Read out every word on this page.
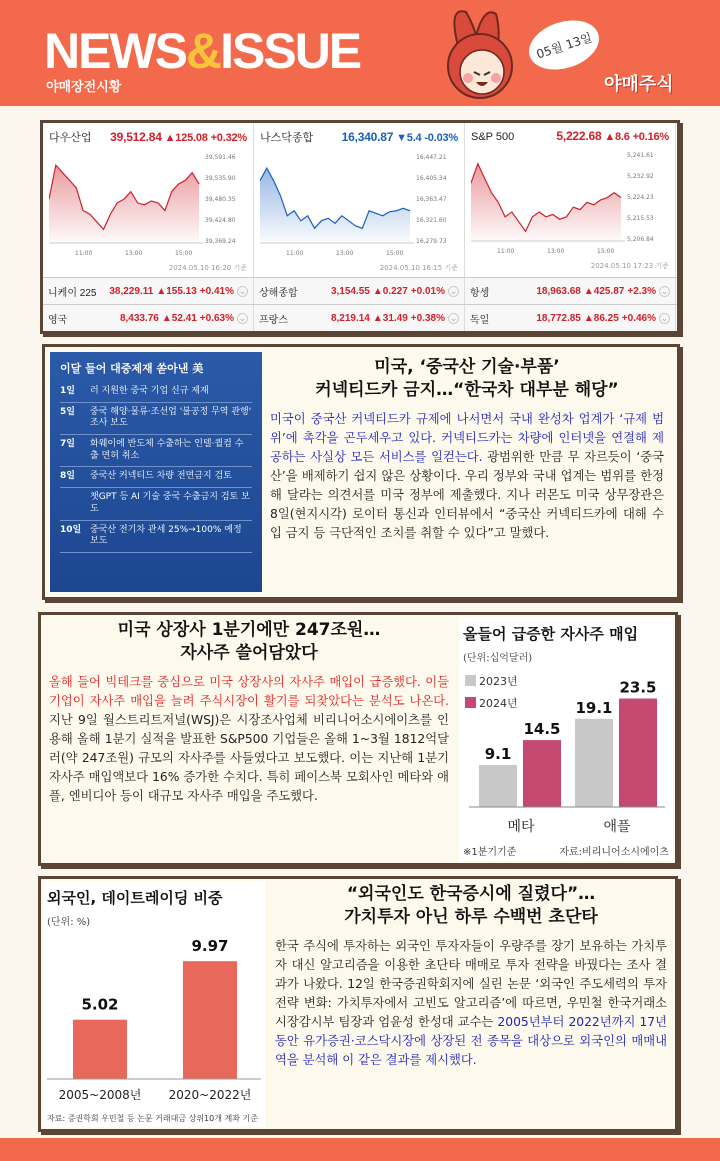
NEWS&ISSUE
야매장전시황
05월 13일
야매주식
다우산업 39,512.84 ▲125.08 +0.32%
39,591.46
39,535.90
39,480.35
39,424.80
39,369.24
11:00	13:00	15:00
2024.05.10 16:20 기준
나스닥종합 16,340.87 ▼5.4 -0.03%
16,447.21
16,405.34
16,363.47
16,321.60
16,279.73
11:00	13:00	15:00
2024.05.10 16:15 기준
S&P 500	5,222.68 ▲8.6 +0.16%
5,241.61
5,232.92
5,224.23
5,215.53
5,206.84
11:00	13:00	15:00
2024.05.10 17:23 기준
니케이 225	38,229.11 ▲155.13 +0.41% ⌄ 상해종합	3,154.55 ▲0.227 +0.01% ⌄ 항셍	18,963.68 ▲425.87 +2.3% ⌄
영국	8,433.76 ▲52.41 +0.63% ⌄ 프랑스	8,219.14 ▲31.49 +0.38% ⌄ 독일	18,772.85 ▲86.25 +0.46% ⌄
이달 들어 대중제재 쏟아낸 美
1일	러 지원한 중국 기업 신규 제재
5일	중국 해양·물류·조선업 '불공정 무역 관행' 조사 보도
7일	화웨이에 반도체 수출하는 인텔·퀄컴 수출 면허 취소
8일	중국산 커넥티드 차량 전면금지 검토
챗GPT 등 AI 기술 중국 수출금지 검토 보도
10일 중국산 전기차 관세 25%→100% 예정 보도
미국, ‘중국산 기술·부품’
커넥티드카 금지…“한국차 대부분 해당”
미국이 중국산 커넥티드카 규제에 나서면서 국내 완성차 업계가 ‘규제 범위’에 촉각을 곤두세우고 있다. 커넥티드카는 차량에 인터넷을 연결해 제공하는 사실상 모든 서비스를 일컫는다. 광범위한 만큼 무 자르듯이 ‘중국산’을 배제하기 쉽지 않은 상황이다. 우리 정부와 국내 업계는 범위를 한정해 달라는 의견서를 미국 정부에 제출했다. 지나 러몬도 미국 상무장관은 8일(현지시각) 로이터 통신과 인터뷰에서 “중국산 커넥티드카에 대해 수입 금지 등 극단적인 조치를 취할 수 있다”고 말했다.
미국 상장사 1분기에만 247조원…
자사주 쓸어담았다
올해 들어 빅테크를 중심으로 미국 상장사의 자사주 매입이 급증했다. 이들 기업이 자사주 매입을 늘려 주식시장이 활기를 되찾았다는 분석도 나온다. 지난 9일 월스트리트저널(WSJ)은 시장조사업체 비리니어소시에이츠를 인용해 올해 1분기 실적을 발표한 S&P500 기업들은 올해 1~3월 1812억달러(약 247조원) 규모의 자사주를 사들였다고 보도했다. 이는 지난해 1분기 자사주 매입액보다 16% 증가한 수치다. 특히 페이스북 모회사인 메타와 애플, 엔비디아 등이 대규모 자사주 매입을 주도했다.
올들어 급증한 자사주 매입
(단위:십억달러)
2023년
2024년
9.1
14.5
메타
19.1
23.5
애플
※1분기기준	자료:비리니어소시에이츠
외국인, 데이트레이딩 비중
(단위: %)
5.02
2005~2008년
9.97
2020~2022년
자료: 증권학회 우민철 등 논문 거래대금 상위10개 계좌 기준
“외국인도 한국증시에 질렸다”…
가치투자 아닌 하루 수백번 초단타
한국 주식에 투자하는 외국인 투자자들이 우량주를 장기 보유하는 가치투자 대신 알고리즘을 이용한 초단타 매매로 투자 전략을 바꿨다는 조사 결과가 나왔다. 12일 한국증권학회지에 실린 논문 ‘외국인 주도세력의 투자전략 변화: 가치투자에서 고빈도 알고리즘’에 따르면, 우민철 한국거래소 시장감시부 팀장과 엄윤성 한성대 교수는 2005년부터 2022년까지 17년 동안 유가증권·코스닥시장에 상장된 전 종목을 대상으로 외국인의 매매내역을 분석해 이 같은 결과를 제시했다.
